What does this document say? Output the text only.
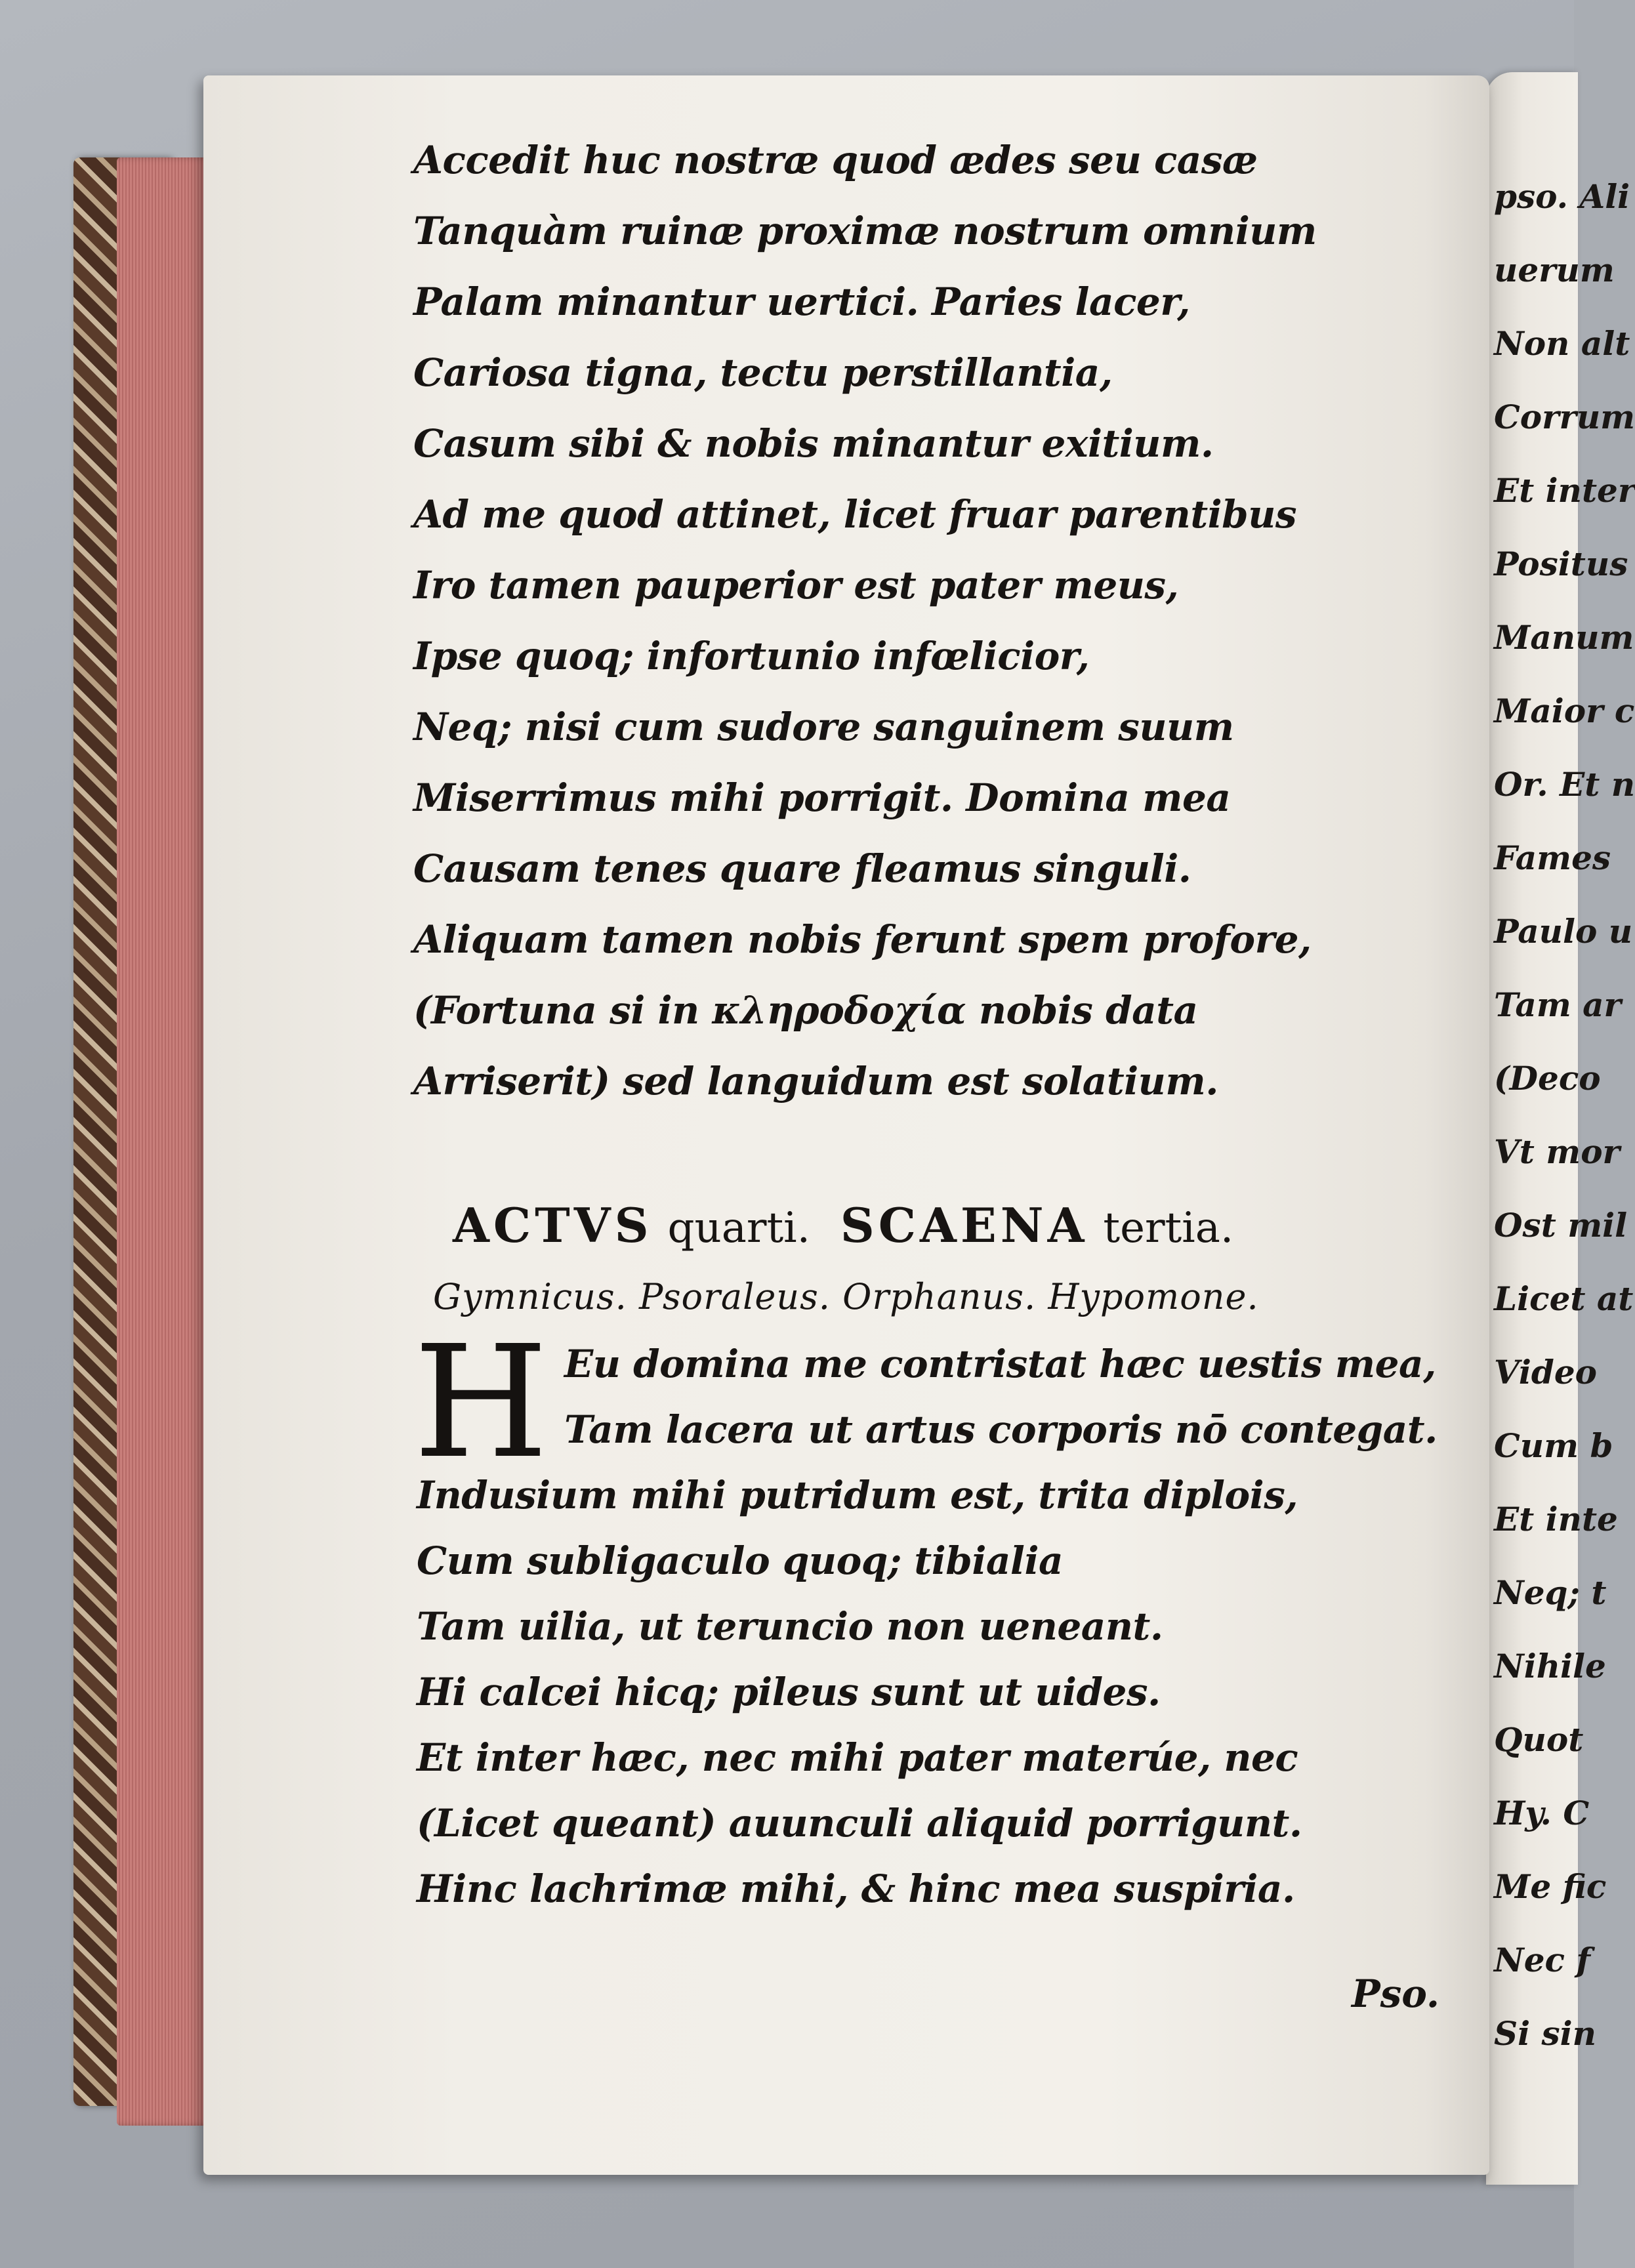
pso. Ali
uerum
Non alt
Corrum
Et inter
Positus
Manum
Maior c
Or. Et n
Fames
Paulo u
Tam ar
(Deco
Vt mor
Ost mil
Licet at
Video
Cum b
Et inte
Neq; t
Nihile
Quot
Hy. C
Me fic
Nec f
Si sin

Accedit huc nostræ quod ædes seu casæ
Tanquàm ruinæ proximæ nostrum omnium
Palam minantur uertici. Paries lacer,
Cariosa tigna, tectu perstillantia,
Casum sibi & nobis minantur exitium.
Ad me quod attinet, licet fruar parentibus
Iro tamen pauperior est pater meus,
Ipse quoq; infortunio infœlicior,
Neq; nisi cum sudore sanguinem suum
Miserrimus mihi porrigit. Domina mea
Causam tenes quare fleamus singuli.
Aliquam tamen nobis ferunt spem profore,
(Fortuna si in κληροδοχία nobis data
Arriserit) sed languidum est solatium.
ACTVS quarti. SCAENA tertia.
Gymnicus. Psoraleus. Orphanus. Hypomone.
H Eu domina me contristat hæc uestis mea,
Tam lacera ut artus corporis nō contegat.
Indusium mihi putridum est, trita diplois,
Cum subligaculo quoq; tibialia
Tam uilia, ut teruncio non ueneant.
Hi calcei hicq; pileus sunt ut uides.
Et inter hæc, nec mihi pater materúe, nec
(Licet queant) auunculi aliquid porrigunt.
Hinc lachrimæ mihi, & hinc mea suspiria.
Pso.
